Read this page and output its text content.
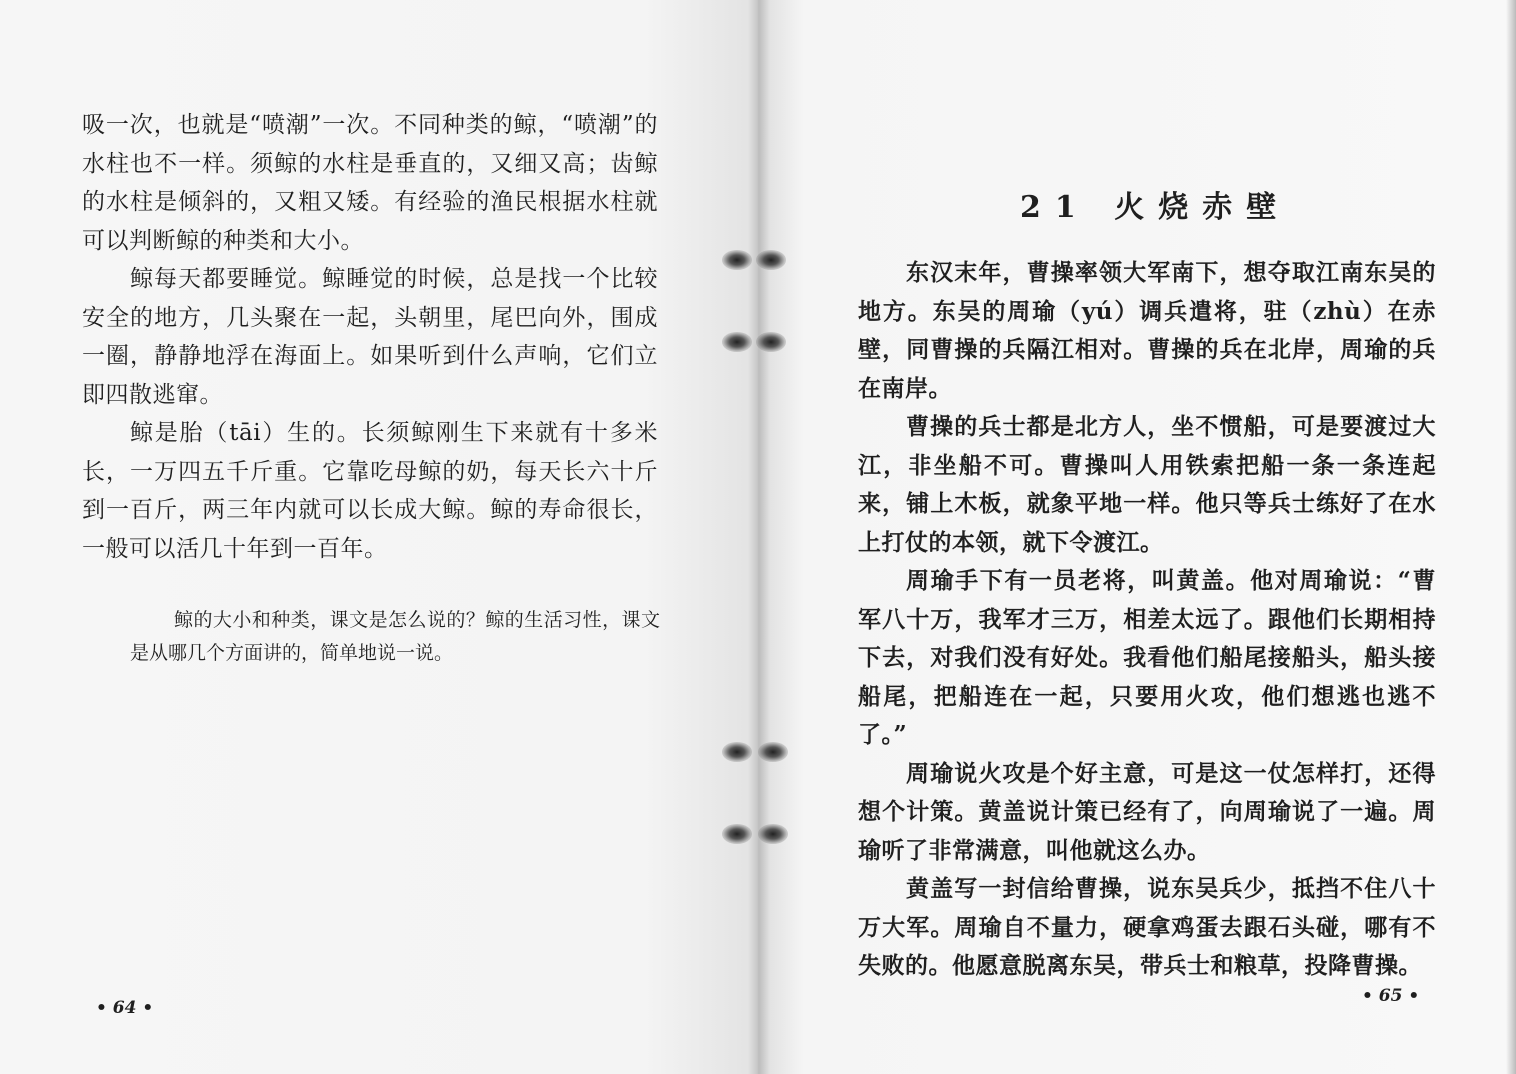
吸一次，也就是“喷潮”一次。不同种类的鲸，“喷潮”的水柱也不一样。须鲸的水柱是垂直的，又细又高；齿鲸的水柱是倾斜的，又粗又矮。有经验的渔民根据水柱就可以判断鲸的种类和大小。

鲸每天都要睡觉。鲸睡觉的时候，总是找一个比较安全的地方，几头聚在一起，头朝里，尾巴向外，围成一圈，静静地浮在海面上。如果听到什么声响，它们立即四散逃窜。

鲸是胎（tāi）生的。长须鲸刚生下来就有十多米长，一万四五千斤重。它靠吃母鲸的奶，每天长六十斤到一百斤，两三年内就可以长成大鲸。鲸的寿命很长，一般可以活几十年到一百年。

鲸的大小和种类，课文是怎么说的？鲸的生活习性，课文是从哪几个方面讲的，简单地说一说。

• 64 •
21 火烧赤壁

东汉末年，曹操率领大军南下，想夺取江南东吴的地方。东吴的周瑜（yú）调兵遣将，驻（zhù）在赤壁，同曹操的兵隔江相对。曹操的兵在北岸，周瑜的兵在南岸。

曹操的兵士都是北方人，坐不惯船，可是要渡过大江，非坐船不可。曹操叫人用铁索把船一条一条连起来，铺上木板，就象平地一样。他只等兵士练好了在水上打仗的本领，就下令渡江。

周瑜手下有一员老将，叫黄盖。他对周瑜说：“曹军八十万，我军才三万，相差太远了。跟他们长期相持下去，对我们没有好处。我看他们船尾接船头，船头接船尾，把船连在一起，只要用火攻，他们想逃也逃不了。”

周瑜说火攻是个好主意，可是这一仗怎样打，还得想个计策。黄盖说计策已经有了，向周瑜说了一遍。周瑜听了非常满意，叫他就这么办。

黄盖写一封信给曹操，说东吴兵少，抵挡不住八十万大军。周瑜自不量力，硬拿鸡蛋去跟石头碰，哪有不失败的。他愿意脱离东吴，带兵士和粮草，投降曹操。

• 65 •
